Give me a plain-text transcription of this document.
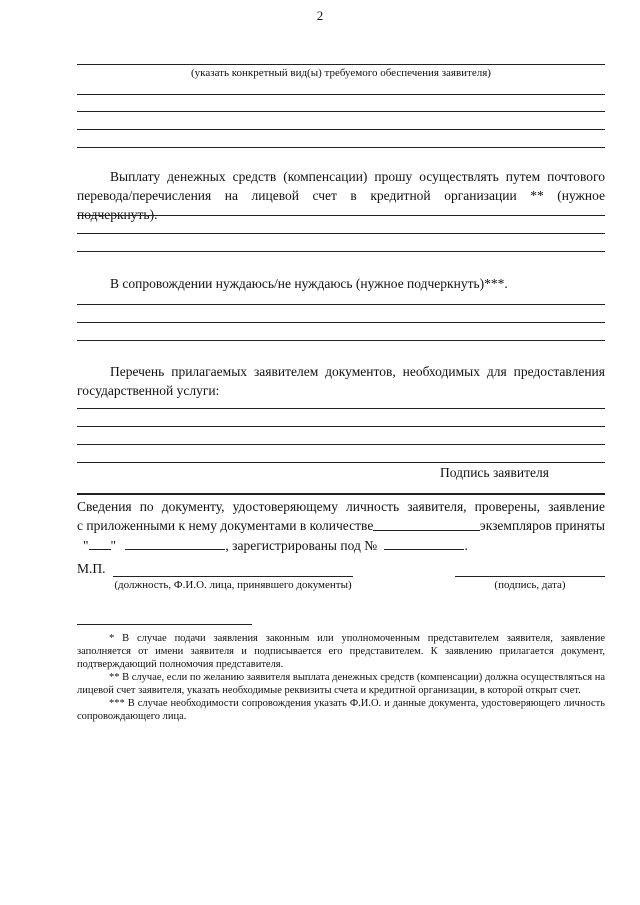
2
(указать конкретный вид(ы) требуемого обеспечения заявителя)
Выплату денежных средств (компенсации) прошу осуществлять путем почтового перевода/перечисления на лицевой счет в кредитной организации ** (нужное подчеркнуть).
В сопровождении нуждаюсь/не нуждаюсь (нужное подчеркнуть)***.
Перечень прилагаемых заявителем документов, необходимых для предоставления государственной услуги:
Подпись заявителя
Сведения по документу, удостоверяющему личность заявителя, проверены, заявление
с приложенными к нему документами в количестве	экземпляров приняты
" "	, зарегистрированы под №	.
М.П.
(должность, Ф.И.О. лица, принявшего документы)	(подпись, дата)
* В случае подачи заявления законным или уполномоченным представителем заявителя, заявление заполняется от имени заявителя и подписывается его представителем. К заявлению прилагается документ, подтверждающий полномочия представителя.
** В случае, если по желанию заявителя выплата денежных средств (компенсации) должна осуществляться на лицевой счет заявителя, указать необходимые реквизиты счета и кредитной организации, в которой открыт счет.
*** В случае необходимости сопровождения указать Ф.И.О. и данные документа, удостоверяющего личность сопровождающего лица.
